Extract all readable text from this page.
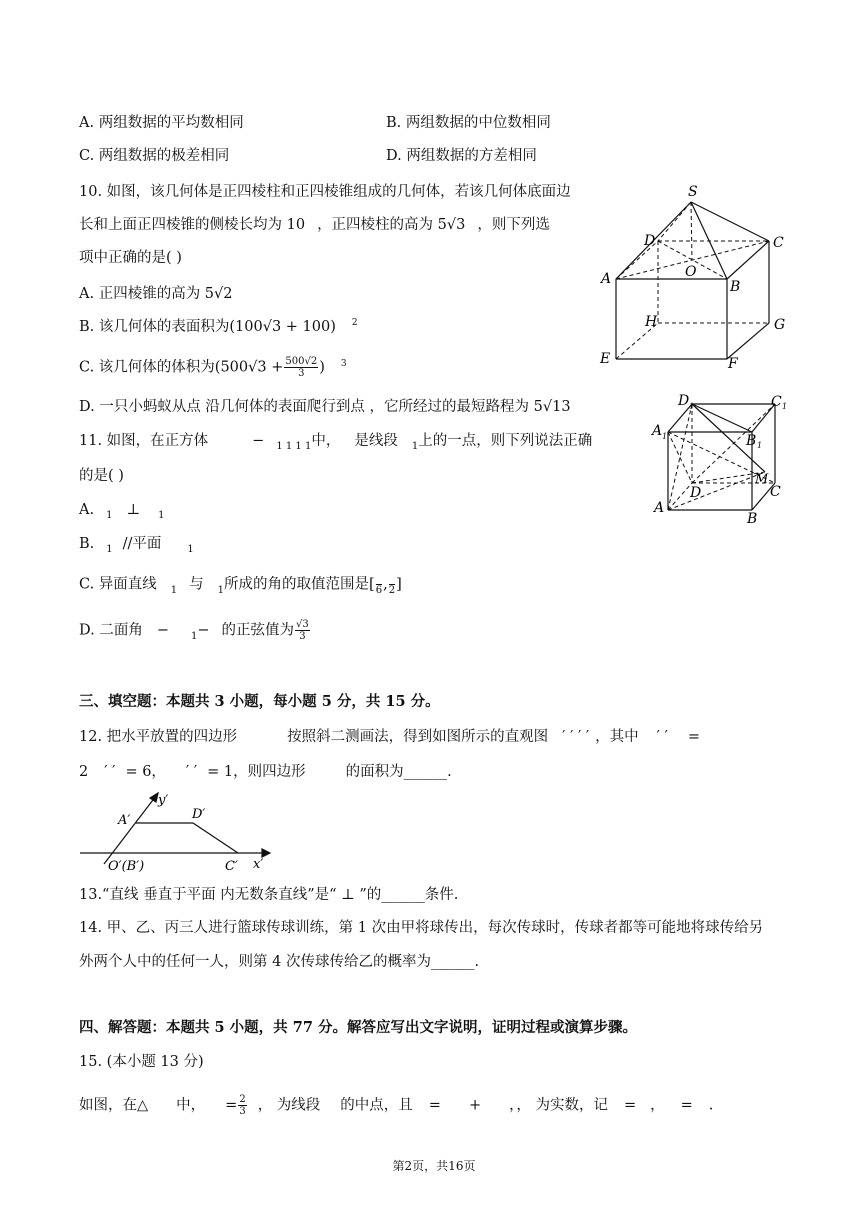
A. 两组数据的平均数相同	B. 两组数据的中位数相同
C. 两组数据的极差相同	D. 两组数据的方差相同
10. 如图，该几何体是正四棱柱和正四棱锥组成的几何体，若该几何体底面边
长和上面正四棱锥的侧棱长均为 10 ，正四棱柱的高为 5√3 ，则下列选
项中正确的是( )
A. 正四棱锥的高为 5√2
B. 该几何体的表面积为(100√3 + 100) $^2$
C. 该几何体的体积为($500√3 + \frac{500√2}{3}$ ) $^3$
D. 一只小蚂蚁从点 沿几何体的表面爬行到点 ，它所经过的最短路程为 5√13
S
D	C
A	O
B
H	G
E	F
11. 如图，在正方体	− $_{1 1 1 1}$中， 是线段 $_1$上的一点，则下列说法正确
的是( )
A. $_1$ ⊥ $_1$
B. $_1$ //平面	$_1$
C. 异面直线 $_1$ 与 $_1$所成的角的取值范围是[
6 ,
2 ]
D. 二面角 − $_1$− 的正弦值为 $\frac{√3}{3}$
D 1	C 1
A 1	B 1
M
D	C
A
B
三、填空题：本题共 3 小题，每小题 5 分，共 15 分。
12. 把水平放置的四边形	按照斜二测画法，得到如图所示的直观图 ′ ′ ′ ′ ，其中 ′ ′ =
2 ′ ′ = 6， ′ ′ = 1，则四边形	的面积为______.
y′
A′	D′
O′(B′)	C′ x′
13.“直线 垂直于平面 内无数条直线”是“ ⊥ ”的______条件.
14. 甲、乙、丙三人进行篮球传球训练，第 1 次由甲将球传出，每次传球时，传球者都等可能地将球传给另
外两个人中的任何一人，则第 4 次传球传给乙的概率为______.
四、解答题：本题共 5 小题，共 77 分。解答应写出文字说明，证明过程或演算步骤。
15. (本小题 13 分)
如图，在△ 中， = $\frac{2}{3}$ ， 为线段 的中点，且 = + ，， 为实数，记 = ， = .
第2页，共16页
